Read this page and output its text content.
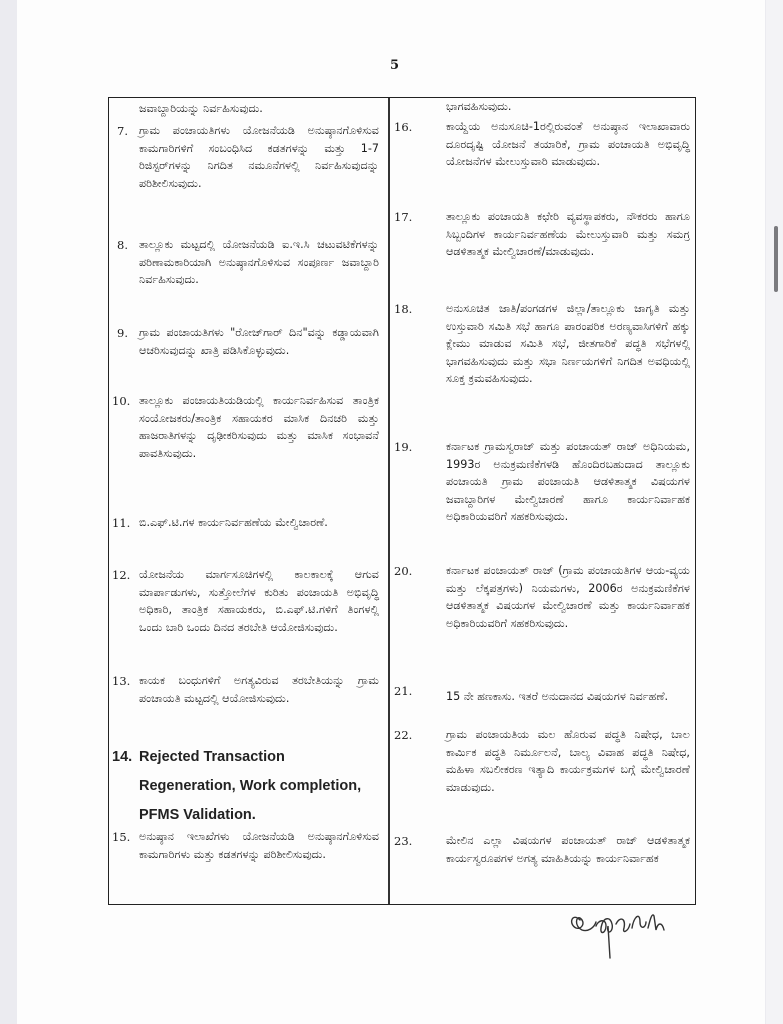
5
ಜವಾಬ್ದಾರಿಯನ್ನು ನಿರ್ವಹಿಸುವುದು.
7. ಗ್ರಾಮ ಪಂಚಾಯತಿಗಳು ಯೋಜನೆಯಡಿ ಅನುಷ್ಠಾನಗೊಳಿಸುವ ಕಾಮಗಾರಿಗಳಿಗೆ ಸಂಬಂಧಿಸಿದ ಕಡತಗಳನ್ನು ಮತ್ತು 1-7 ರಿಜಿಸ್ಟರ್‌ಗಳನ್ನು ನಿಗದಿತ ನಮೂನೆಗಳಲ್ಲಿ ನಿರ್ವಹಿಸುವುದನ್ನು ಪರಿಶೀಲಿಸುವುದು.
8. ತಾಲ್ಲೂಕು ಮಟ್ಟದಲ್ಲಿ ಯೋಜನೆಯಡಿ ಐ.ಇ.ಸಿ ಚಟುವಟಿಕೆಗಳನ್ನು ಪರಿಣಾಮಕಾರಿಯಾಗಿ ಅನುಷ್ಠಾನಗೊಳಿಸುವ ಸಂಪೂರ್ಣ ಜವಾಬ್ದಾರಿ ನಿರ್ವಹಿಸುವುದು.
9. ಗ್ರಾಮ ಪಂಚಾಯತಿಗಳು "ರೋಜ್‌ಗಾರ್ ದಿನ"ವನ್ನು ಕಡ್ಡಾಯವಾಗಿ ಆಚರಿಸುವುದನ್ನು ಖಾತ್ರಿ ಪಡಿಸಿಕೊಳ್ಳುವುದು.
10. ತಾಲ್ಲೂಕು ಪಂಚಾಯತಿಯಡಿಯಲ್ಲಿ ಕಾರ್ಯನಿರ್ವಹಿಸುವ ತಾಂತ್ರಿಕ ಸಂಯೋಜಕರು/ತಾಂತ್ರಿಕ ಸಹಾಯಕರ ಮಾಸಿಕ ದಿನಚರಿ ಮತ್ತು ಹಾಜರಾತಿಗಳನ್ನು ದೃಢೀಕರಿಸುವುದು ಮತ್ತು ಮಾಸಿಕ ಸಂಭಾವನೆ ಪಾವತಿಸುವುದು.
11. ಬಿ.ಎಫ್.ಟಿ.ಗಳ ಕಾರ್ಯನಿರ್ವಹಣೆಯ ಮೇಲ್ವಿಚಾರಣೆ.
12. ಯೋಜನೆಯ ಮಾರ್ಗಸೂಚಿಗಳಲ್ಲಿ ಕಾಲಕಾಲಕ್ಕೆ ಆಗುವ ಮಾರ್ಪಾಡುಗಳು, ಸುತ್ತೋಲೆಗಳ ಕುರಿತು ಪಂಚಾಯತಿ ಅಭಿವೃದ್ಧಿ ಅಧಿಕಾರಿ, ತಾಂತ್ರಿಕ ಸಹಾಯಕರು, ಬಿ.ಎಫ್.ಟಿ.ಗಳಿಗೆ ತಿಂಗಳಲ್ಲಿ ಒಂದು ಬಾರಿ ಒಂದು ದಿನದ ತರಬೇತಿ ಆಯೋಜಿಸುವುದು.
13. ಕಾಯಕ ಬಂಧುಗಳಿಗೆ ಅಗತ್ಯವಿರುವ ತರಬೇತಿಯನ್ನು ಗ್ರಾಮ ಪಂಚಾಯತಿ ಮಟ್ಟದಲ್ಲಿ ಆಯೋಜಿಸುವುದು.
14. Rejected Transaction Regeneration, Work completion, PFMS Validation.
15. ಅನುಷ್ಠಾನ ಇಲಾಖೆಗಳು ಯೋಜನೆಯಡಿ ಅನುಷ್ಠಾನಗೊಳಿಸುವ ಕಾಮಗಾರಿಗಳು ಮತ್ತು ಕಡತಗಳನ್ನು ಪರಿಶೀಲಿಸುವುದು.
ಭಾಗವಹಿಸುವುದು.
16.	ಕಾಯ್ದೆಯ ಅನುಸೂಚಿ-1ರಲ್ಲಿರುವಂತೆ ಅನುಷ್ಠಾನ ಇಲಾಖಾವಾರು ದೂರದೃಷ್ಟಿ ಯೋಜನೆ ತಯಾರಿಕೆ, ಗ್ರಾಮ ಪಂಚಾಯತಿ ಅಭಿವೃದ್ಧಿ ಯೋಜನೆಗಳ ಮೇಲುಸ್ತುವಾರಿ ಮಾಡುವುದು.
17.	ತಾಲ್ಲೂಕು ಪಂಚಾಯತಿ ಕಛೇರಿ ವ್ಯವಸ್ಥಾಪಕರು, ನೌಕರರು ಹಾಗೂ ಸಿಬ್ಬಂದಿಗಳ ಕಾರ್ಯನಿರ್ವಹಣೆಯ ಮೇಲುಸ್ತುವಾರಿ ಮತ್ತು ಸಮಗ್ರ ಆಡಳಿತಾತ್ಮಕ ಮೇಲ್ವಿಚಾರಣೆ/ಮಾಡುವುದು.
18.	ಅನುಸೂಚಿತ ಜಾತಿ/ಪಂಗಡಗಳ ಜಿಲ್ಲಾ/ತಾಲ್ಲೂಕು ಜಾಗೃತಿ ಮತ್ತು ಉಸ್ತುವಾರಿ ಸಮಿತಿ ಸಭೆ ಹಾಗೂ ಪಾರಂಪರಿಕ ಅರಣ್ಯವಾಸಿಗಳಿಗೆ ಹಕ್ಕು ಕ್ಲೇಮು ಮಾಡುವ ಸಮಿತಿ ಸಭೆ, ಜೀತಗಾರಿಕೆ ಪದ್ಧತಿ ಸಭೆಗಳಲ್ಲಿ ಭಾಗವಹಿಸುವುದು ಮತ್ತು ಸಭಾ ನಿರ್ಣಯಗಳಿಗೆ ನಿಗದಿತ ಅವಧಿಯಲ್ಲಿ ಸೂಕ್ತ ಕ್ರಮವಹಿಸುವುದು.
19.	ಕರ್ನಾಟಕ ಗ್ರಾಮಸ್ವರಾಜ್ ಮತ್ತು ಪಂಚಾಯತ್ ರಾಜ್ ಅಧಿನಿಯಮ, 1993ರ ಅನುಕ್ರಮಣಿಕೆಗಳಡಿ ಹೊಂದಿರಬಹುದಾದ ತಾಲ್ಲೂಕು ಪಂಚಾಯತಿ ಗ್ರಾಮ ಪಂಚಾಯತಿ ಆಡಳಿತಾತ್ಮಕ ವಿಷಯಗಳ ಜವಾಬ್ದಾರಿಗಳ ಮೇಲ್ವಿಚಾರಣೆ ಹಾಗೂ ಕಾರ್ಯನಿರ್ವಾಹಕ ಅಧಿಕಾರಿಯವರಿಗೆ ಸಹಕರಿಸುವುದು.
20.	ಕರ್ನಾಟಕ ಪಂಚಾಯತ್ ರಾಜ್ (ಗ್ರಾಮ ಪಂಚಾಯತಿಗಳ ಆಯ-ವ್ಯಯ ಮತ್ತು ಲೆಕ್ಕಪತ್ರಗಳು) ನಿಯಮಗಳು, 2006ರ ಅನುಕ್ರಮಣಿಕೆಗಳ ಆಡಳಿತಾತ್ಮಕ ವಿಷಯಗಳ ಮೇಲ್ವಿಚಾರಣೆ ಮತ್ತು ಕಾರ್ಯನಿರ್ವಾಹಕ ಅಧಿಕಾರಿಯವರಿಗೆ ಸಹಕರಿಸುವುದು.
21.	15 ನೇ ಹಣಕಾಸು. ಇತರೆ ಅನುದಾನದ ವಿಷಯಗಳ ನಿರ್ವಹಣೆ.
22.	ಗ್ರಾಮ ಪಂಚಾಯತಿಯ ಮಲ ಹೊರುವ ಪದ್ಧತಿ ನಿಷೇಧ, ಬಾಲ ಕಾರ್ಮಿಕ ಪದ್ಧತಿ ನಿರ್ಮೂಲನೆ, ಬಾಲ್ಯ ವಿವಾಹ ಪದ್ಧತಿ ನಿಷೇಧ, ಮಹಿಳಾ ಸಬಲೀಕರಣ ಇತ್ಯಾದಿ ಕಾರ್ಯಕ್ರಮಗಳ ಬಗ್ಗೆ ಮೇಲ್ವಿಚಾರಣೆ ಮಾಡುವುದು.
23.	ಮೇಲಿನ ಎಲ್ಲಾ ವಿಷಯಗಳ ಪಂಚಾಯತ್ ರಾಜ್ ಆಡಳಿತಾತ್ಮಕ ಕಾರ್ಯಸ್ವರೂಪಗಳ ಅಗತ್ಯ ಮಾಹಿತಿಯನ್ನು ಕಾರ್ಯನಿರ್ವಾಹಕ
